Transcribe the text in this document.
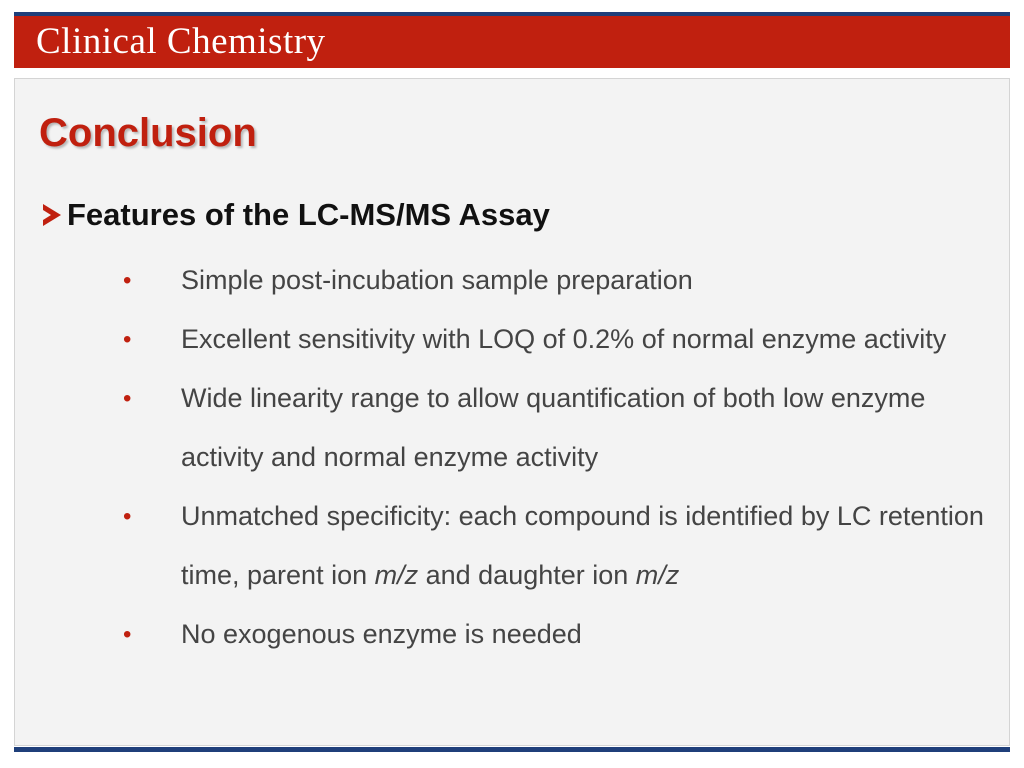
Clinical Chemistry
Conclusion
Features of the LC-MS/MS Assay
• Simple post-incubation sample preparation
• Excellent sensitivity with LOQ of 0.2% of normal enzyme activity
• Wide linearity range to allow quantification of both low enzyme activity and normal enzyme activity
• Unmatched specificity: each compound is identified by LC retention time, parent ion m/z and daughter ion m/z
• No exogenous enzyme is needed
